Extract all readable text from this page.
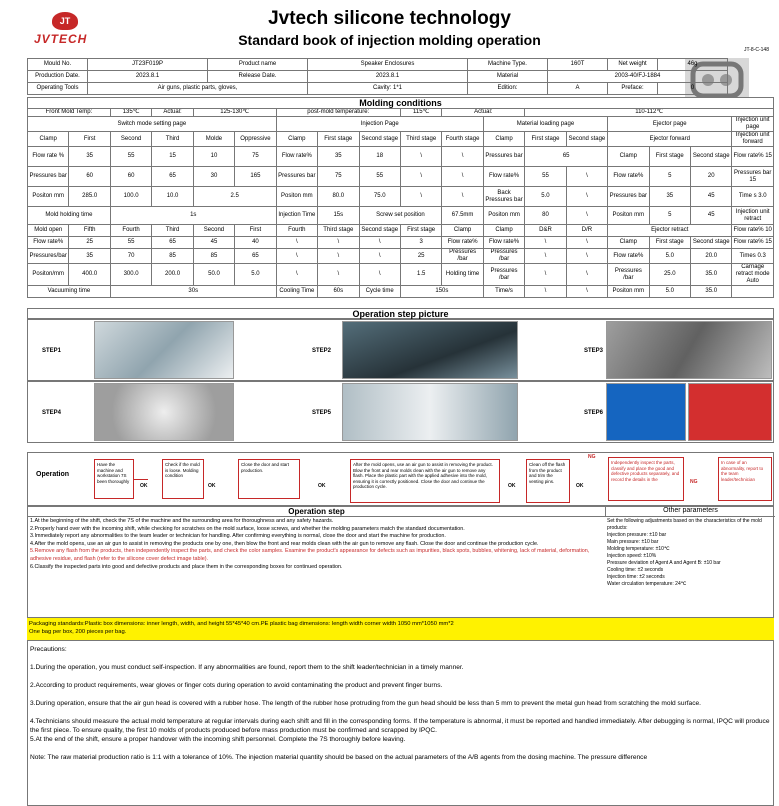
JT
JVTECH
Jvtech silicone technology
Standard book of injection molding operation
JT-8-C-148
Mould No.	JT23F019P	Product name	Speaker Enclosures	Machine Type.	160T	Net weight	46g	
Production Date.	2023.8.1	Release Date.	2023.8.1	Material	2003-40/FJ-1884			
Operating Tools	Air guns, plastic parts, gloves,		Cavity: 1*1	Edition:	A	Preface:	0	
Molding conditions																	
Front Mold Temp:		135℃	Actual:	125-130℃		post-mold temperature:			115℃	Actual:		110-112℃					
Switch mode setting page						Injection Page					Material loading page			Ejector page			Injection unit page
Clamp	First	Second	Third	Molde	Oppressive	Clamp	First stage	Second stage	Third stage	Fourth stage	Clamp	First stage	Second stage	Ejector forward			Injection unit forward
Flow rate %	35	55	15	10	75	Flow rate%	35	18	\	\	Pressures bar	65		Clamp	First stage	Second stage	Flow rate% 15
Pressures bar	60	60	65	30	165	Pressures bar	75	55	\	\	Flow rate%	55	\	Flow rate%	5	20	Pressures bar 15
Positon mm	285.0	100.0	10.0	2.5		Positon mm	80.0	75.0	\	\	Back Pressures bar	5.0	\	Pressures bar	35	45	Time s 3.0
Mold holding time		1s				Injection Time	15s	Screw set position		67.5mm	Positon mm	80	\	Positon mm	5	45	Injection unit retract
Mold open	Fifth	Fourth	Third	Second	First	Fourth	Third stage	Second stage	First stage	Clamp	Clamp	D&R	D/R	Ejector retract			Flow rate% 10
Flow rate%	25	55	65	45	40	\	\	\	3	Flow rate%	Flow rate%	\	\	Clamp	First stage	Second stage	Flow rate% 15
Pressures/bar	35	70	85	85	65	\	\	\	25	Pressures /bar	Pressures /bar	\	\	Flow rate%	5.0	20.0	Times 0.3
Positon/mm	400.0	300.0	200.0	50.0	5.0	\	\	\	1.5	Holding time	Pressures /bar	\	\	Pressures /bar	25.0	35.0	Carriage retract mode Auto
Vacuuming time		30s				Cooling Time	60s	Cycle time	150s		Time/s	\	\	Positon mm	5.0	35.0	
Operation step picture
STEP1	STEP2	STEP3
STEP4	STEP5	STEP6
Operation
Have the machine and workstation 7S been thoroughly
OK
Check if the mold is loose. Molding condition
OK
Close the door and start production.
OK
After the mold opens, use an air gun to assist in removing the product. Blow the front and rear molds clean with the air gun to remove any flash. Place the plastic part with the applied adhesive into the mold, ensuring it is correctly positioned. Close the door and continue the production cycle.	OK
Clean off the flash from the product and trim the venting pins.
OK
NG
Independently inspect the parts, classify and place the good and defective products separately, and record the details in the	NG
In case of an abnormality, report to the team leader/technician
Operation step
1.At the beginning of the shift, check the 7S of the machine and the surrounding area for thoroughness and any safety hazards.
2.Properly hand over with the incoming shift, while checking for scratches on the mold surface, loose screws, and whether the molding parameters match the standard documentation.
3.Immediately report any abnormalities to the team leader or technician for handling. After confirming everything is normal, close the door and start the machine for production.
4.After the mold opens, use an air gun to assist in removing the products one by one, then blow the front and rear molds clean with the air gun to remove any flash. Close the door and continue the production cycle.
5.Remove any flash from the products, then independently inspect the parts, and check the color samples. Examine the product's appearance for defects such as impurities, black spots, bubbles, whitening, lack of material, deformation, adhesive residue, and flash (refer to the silicone cover defect image table).
6.Classify the inspected parts into good and defective products and place them in the corresponding boxes for continued operation.
Other parameters
Set the following adjustments based on the characteristics of the mold products:
Injection pressure: ±10 bar
Main pressure: ±10 bar
Molding temperature: ±10℃
Injection speed: ±10%
Pressure deviation of Agent A and Agent B: ±10 bar
Cooling time: ±2 seconds
Injection time: ±2 seconds
Water circulation temperature: 24℃
Packaging standards:Plastic box dimensions: inner length, width, and height 55*45*40 cm.PE plastic bag dimensions: length width corner width 1050 mm*1050 mm*2
One bag per box, 200 pieces per bag.

Precautions:

1.During the operation, you must conduct self-inspection. If any abnormalities are found, report them to the shift leader/technician in a timely manner.

2.According to product requirements, wear gloves or finger cots during operation to avoid contaminating the product and prevent finger burns.

3.During operation, ensure that the air gun head is covered with a rubber hose. The length of the rubber hose protruding from the gun head should be less than 5 mm to prevent the metal gun head from scratching the mold surface.

4.Technicians should measure the actual mold temperature at regular intervals during each shift and fill in the corresponding forms. If the temperature is abnormal, it must be reported and handled immediately. After debugging is normal, IPQC will produce the first piece. To ensure quality, the first 10 molds of products produced before mass production must be confirmed and scrapped by IPQC.

5.At the end of the shift, ensure a proper handover with the incoming shift personnel. Complete the 7S thoroughly before leaving.

Note: The raw material production ratio is 1:1 with a tolerance of 10%. The injection material quantity should be based on the actual parameters of the A/B agents from the dosing machine. The pressure difference
